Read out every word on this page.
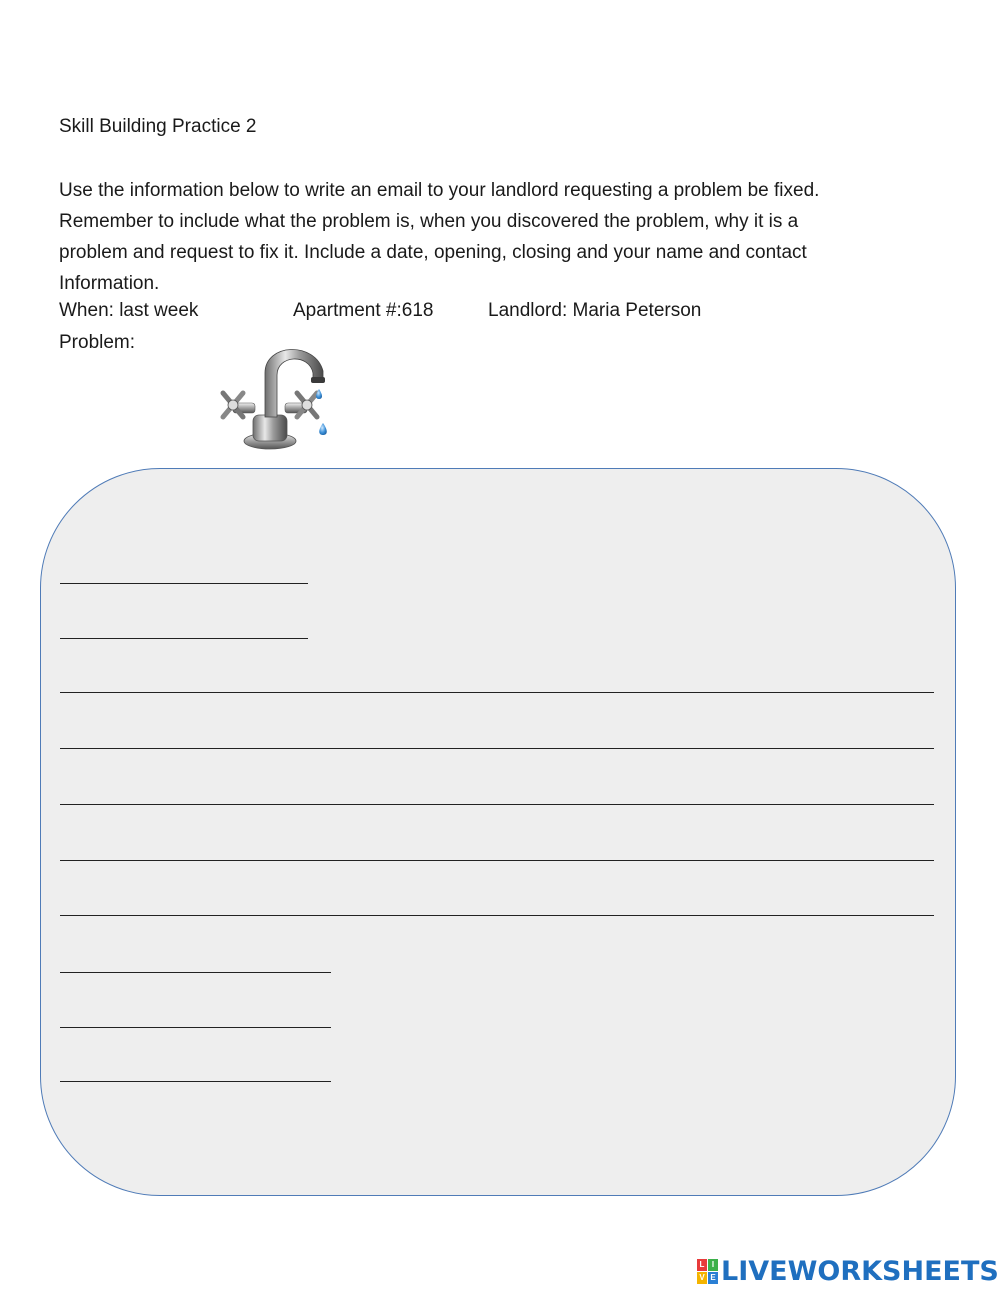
Skill Building Practice 2

Use the information below to write an email to your landlord requesting a problem be fixed.

Remember to include what the problem is, when you discovered the problem, why it is a

problem and request to fix it. Include a date, opening, closing and your name and contact

Information.

When: last week	Apartment #:618	Landlord: Maria Peterson
Problem:
L I
V E LIVEWORKSHEETS
